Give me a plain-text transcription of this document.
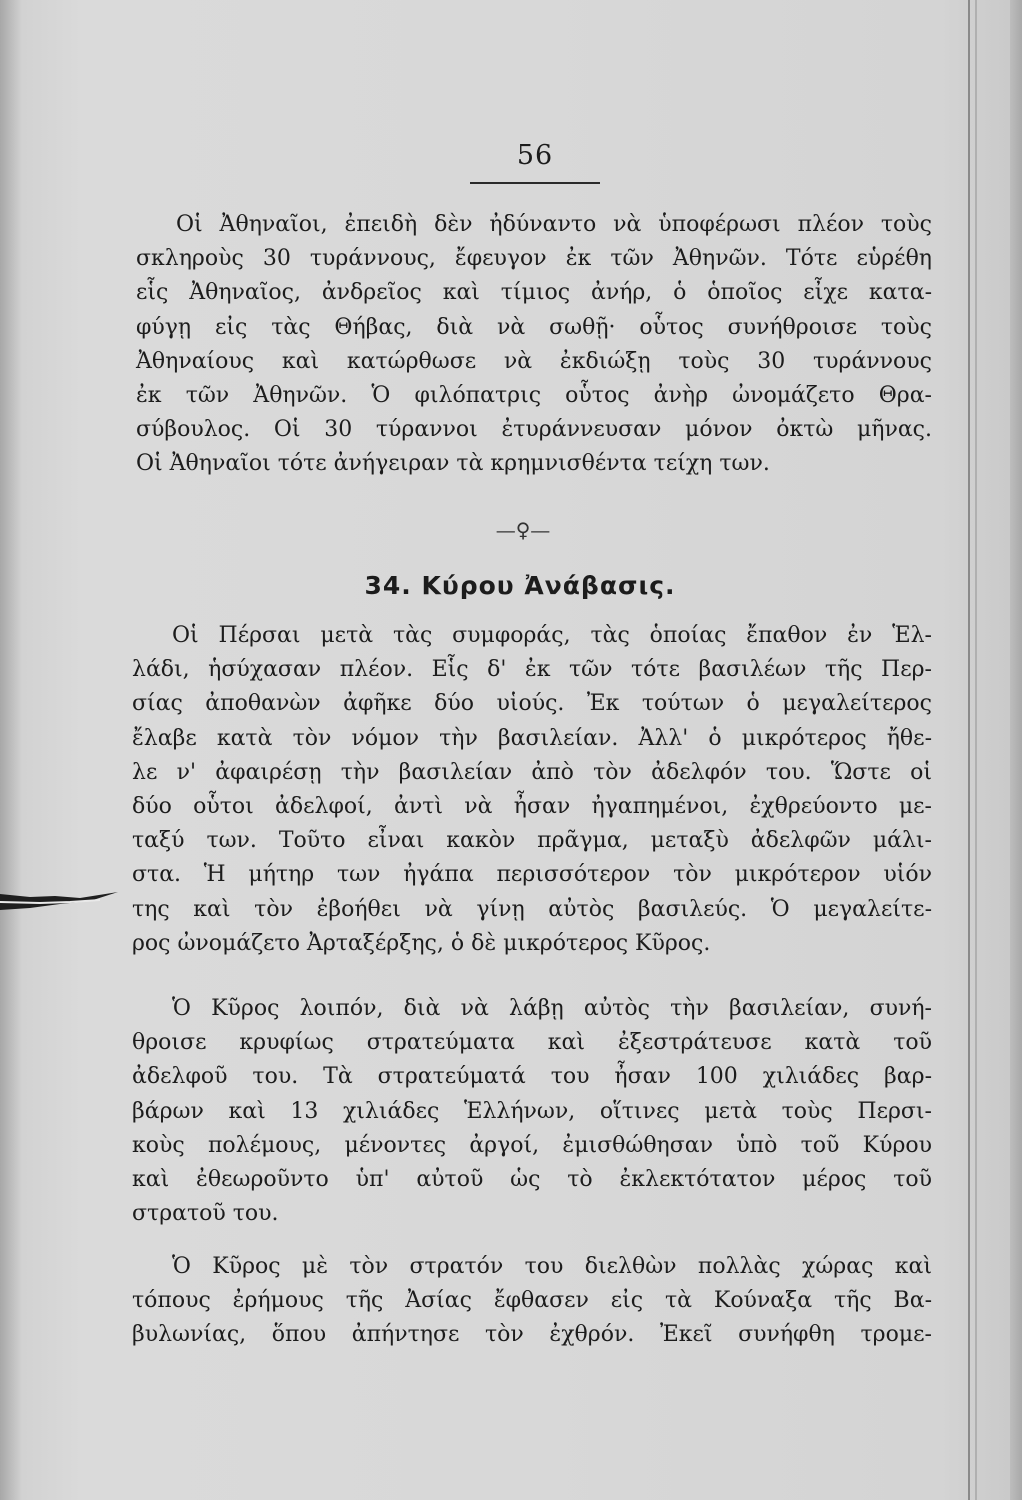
56
Οἱ Ἀθηναῖοι, ἐπειδὴ δὲν ἠδύναντο νὰ ὑποφέρωσι πλέον τοὺς
σκληροὺς 30 τυράννους, ἔφευγον ἐκ τῶν Ἀθηνῶν. Τότε εὑρέθη
εἷς Ἀθηναῖος, ἀνδρεῖος καὶ τίμιος ἀνήρ, ὁ ὁποῖος εἶχε κατα-
φύγῃ εἰς τὰς Θήβας, διὰ νὰ σωθῇ· οὗτος συνήθροισε τοὺς
Ἀθηναίους καὶ κατώρθωσε νὰ ἐκδιώξῃ τοὺς 30 τυράννους
ἐκ τῶν Ἀθηνῶν. Ὁ φιλόπατρις οὗτος ἀνὴρ ὠνομάζετο Θρα-
σύβουλος. Οἱ 30 τύραννοι ἐτυράννευσαν μόνον ὀκτὼ μῆνας.
Οἱ Ἀθηναῖοι τότε ἀνήγειραν τὰ κρημνισθέντα τείχη των.
—♀—
34. Κύρου Ἀνάβασις.
Οἱ Πέρσαι μετὰ τὰς συμφοράς, τὰς ὁποίας ἔπαθον ἐν Ἑλ-
λάδι, ἡσύχασαν πλέον. Εἷς δ' ἐκ τῶν τότε βασιλέων τῆς Περ-
σίας ἀποθανὼν ἀφῆκε δύο υἱούς. Ἐκ τούτων ὁ μεγαλείτερος
ἔλαβε κατὰ τὸν νόμον τὴν βασιλείαν. Ἀλλ' ὁ μικρότερος ἤθε-
λε ν' ἀφαιρέσῃ τὴν βασιλείαν ἀπὸ τὸν ἀδελφόν του. Ὥστε οἱ
δύο οὗτοι ἀδελφοί, ἀντὶ νὰ ἦσαν ἠγαπημένοι, ἐχθρεύοντο με-
ταξύ των. Τοῦτο εἶναι κακὸν πρᾶγμα, μεταξὺ ἀδελφῶν μάλι-
στα. Ἡ μήτηρ των ἠγάπα περισσότερον τὸν μικρότερον υἱόν
της καὶ τὸν ἐβοήθει νὰ γίνῃ αὐτὸς βασιλεύς. Ὁ μεγαλείτε-
ρος ὠνομάζετο Ἀρταξέρξης, ὁ δὲ μικρότερος Κῦρος.
Ὁ Κῦρος λοιπόν, διὰ νὰ λάβῃ αὐτὸς τὴν βασιλείαν, συνή-
θροισε κρυφίως στρατεύματα καὶ ἐξεστράτευσε κατὰ τοῦ
ἀδελφοῦ του. Τὰ στρατεύματά του ἦσαν 100 χιλιάδες βαρ-
βάρων καὶ 13 χιλιάδες Ἑλλήνων, οἵτινες μετὰ τοὺς Περσι-
κοὺς πολέμους, μένοντες ἀργοί, ἐμισθώθησαν ὑπὸ τοῦ Κύρου
καὶ ἐθεωροῦντο ὑπ' αὐτοῦ ὡς τὸ ἐκλεκτότατον μέρος τοῦ
στρατοῦ του.
Ὁ Κῦρος μὲ τὸν στρατόν του διελθὼν πολλὰς χώρας καὶ
τόπους ἐρήμους τῆς Ἀσίας ἔφθασεν εἰς τὰ Κούναξα τῆς Βα-
βυλωνίας, ὅπου ἀπήντησε τὸν ἐχθρόν. Ἐκεῖ συνήφθη τρομε-
